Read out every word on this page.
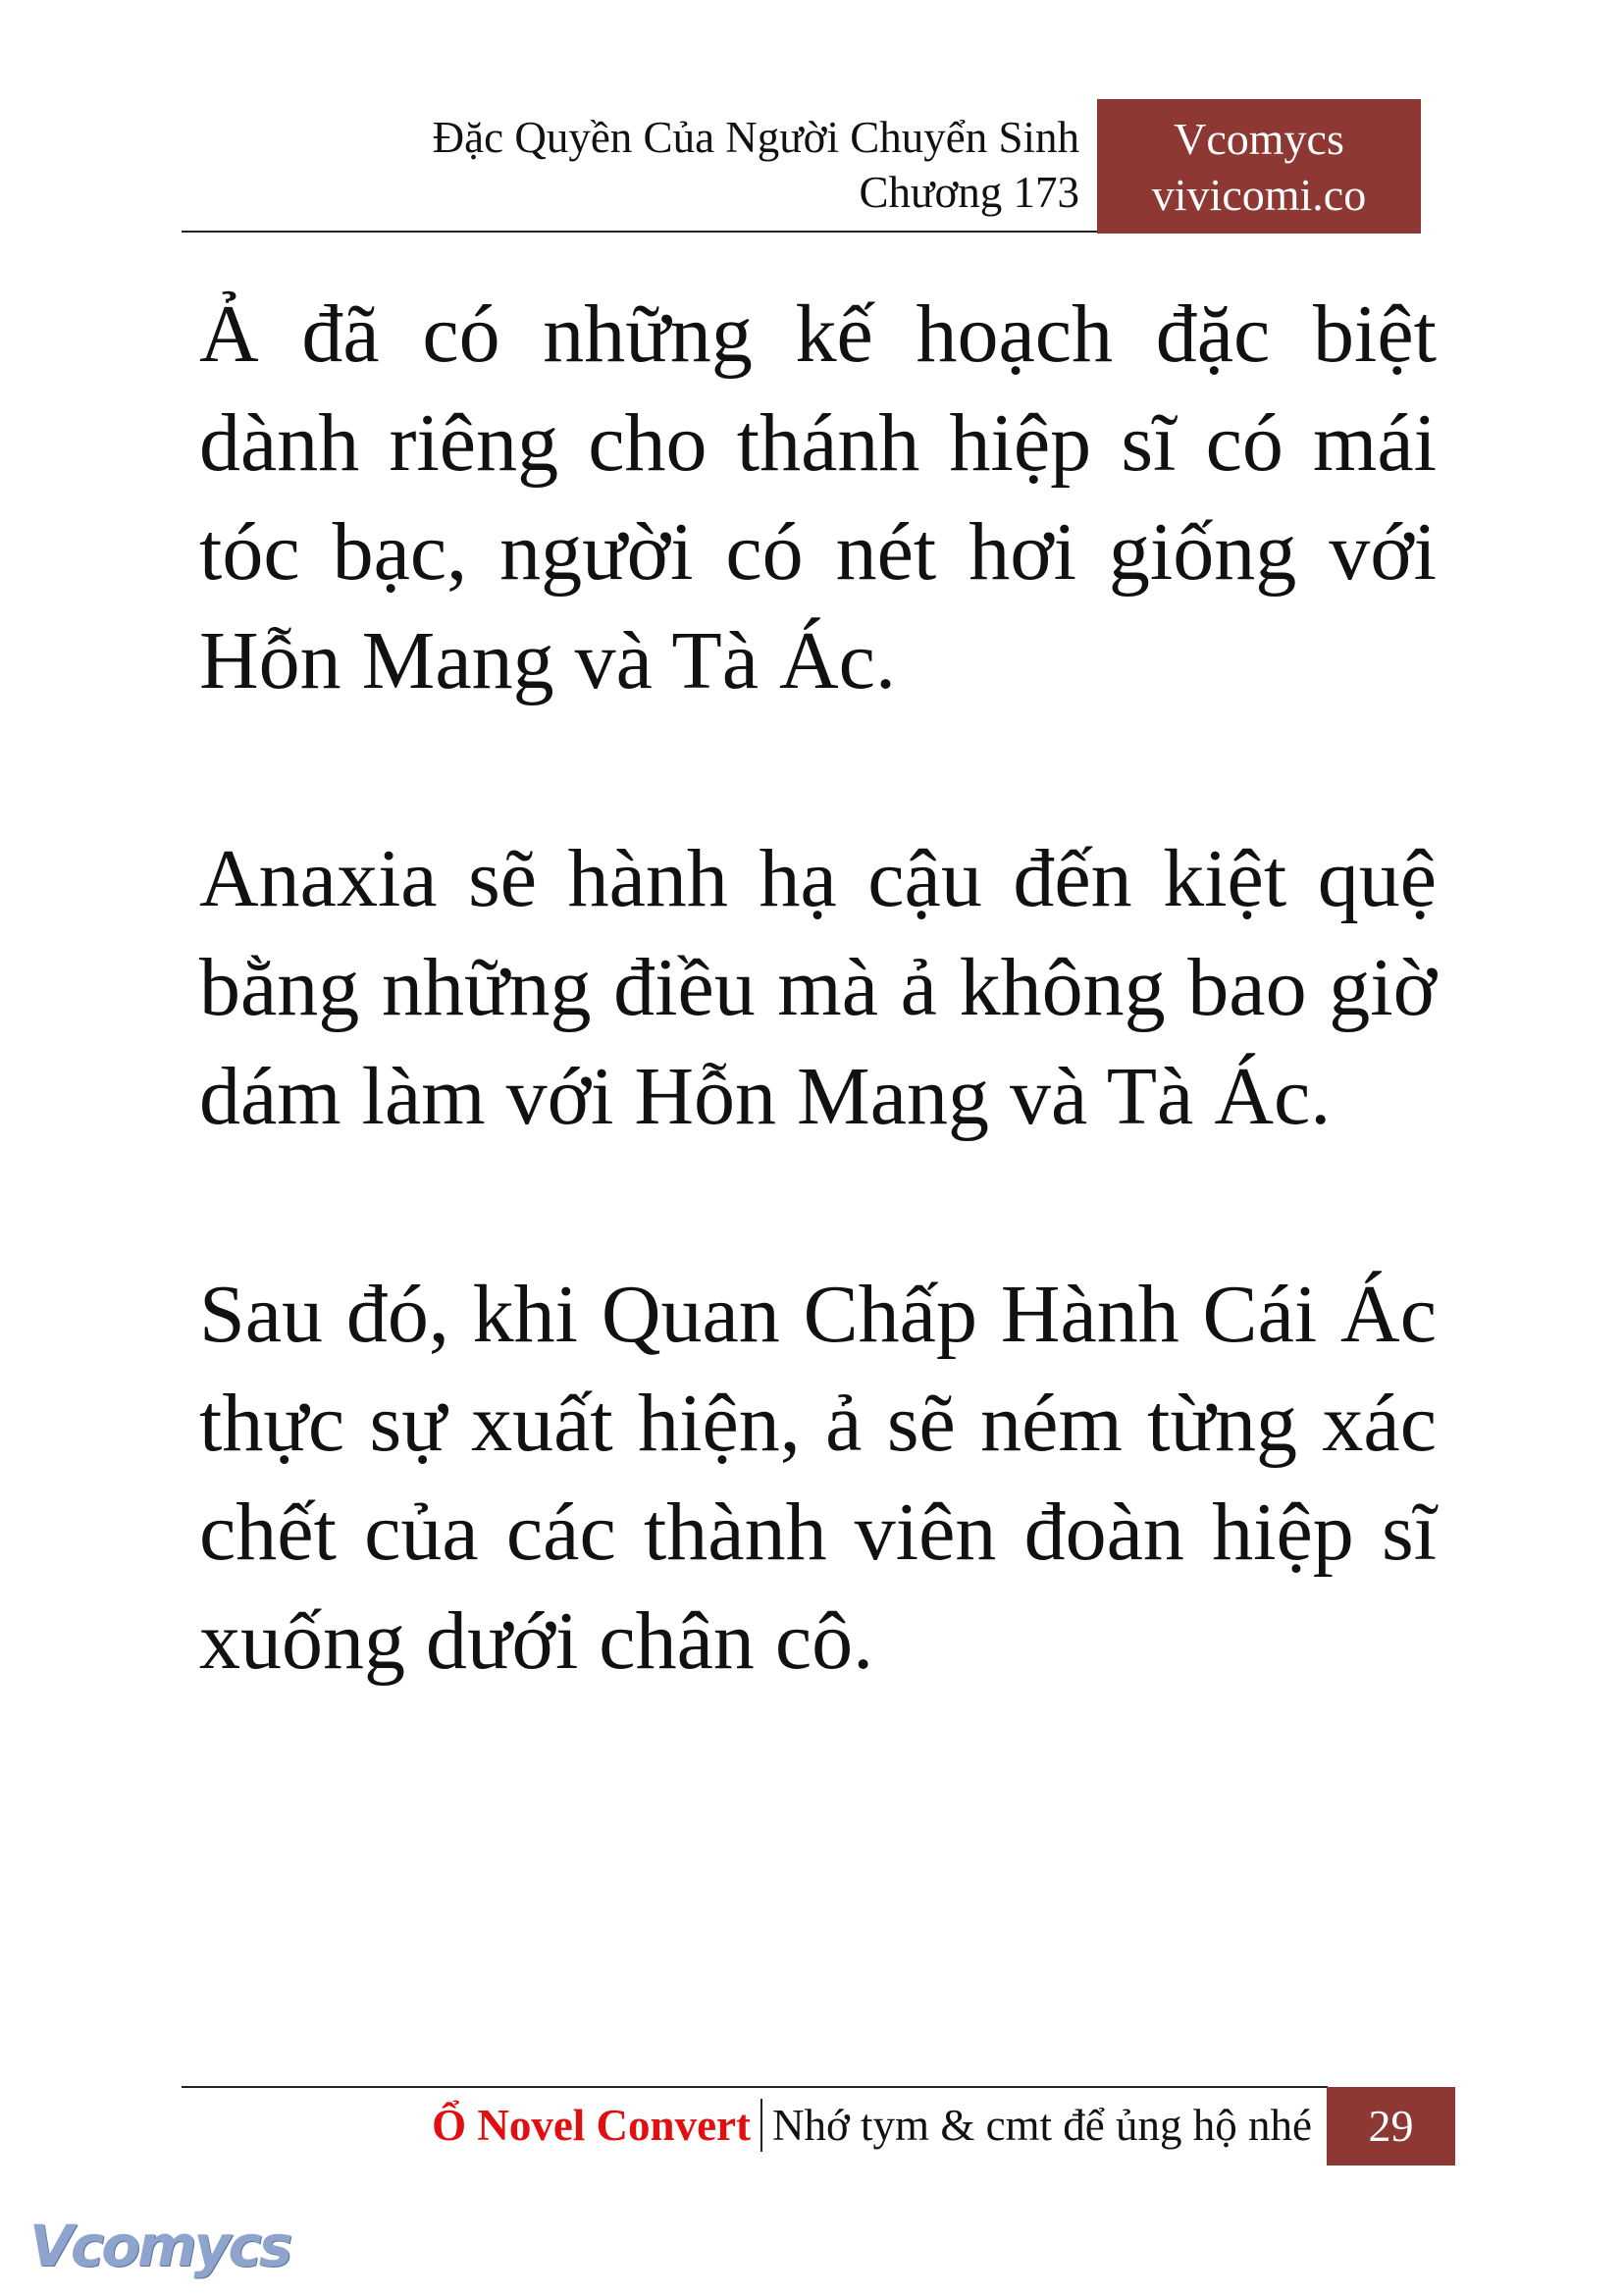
Đặc Quyền Của Người Chuyển Sinh
Chương 173
Vcomycs
vivicomi.co

Ả đã có những kế hoạch đặc biệt dành riêng cho thánh hiệp sĩ có mái tóc bạc, người có nét hơi giống với Hỗn Mang và Tà Ác.

Anaxia sẽ hành hạ cậu đến kiệt quệ bằng những điều mà ả không bao giờ dám làm với Hỗn Mang và Tà Ác.

Sau đó, khi Quan Chấp Hành Cái Ác thực sự xuất hiện, ả sẽ ném từng xác chết của các thành viên đoàn hiệp sĩ xuống dưới chân cô.

Ổ Novel Convert Nhớ tym & cmt để ủng hộ nhé	29
Vcomycs
